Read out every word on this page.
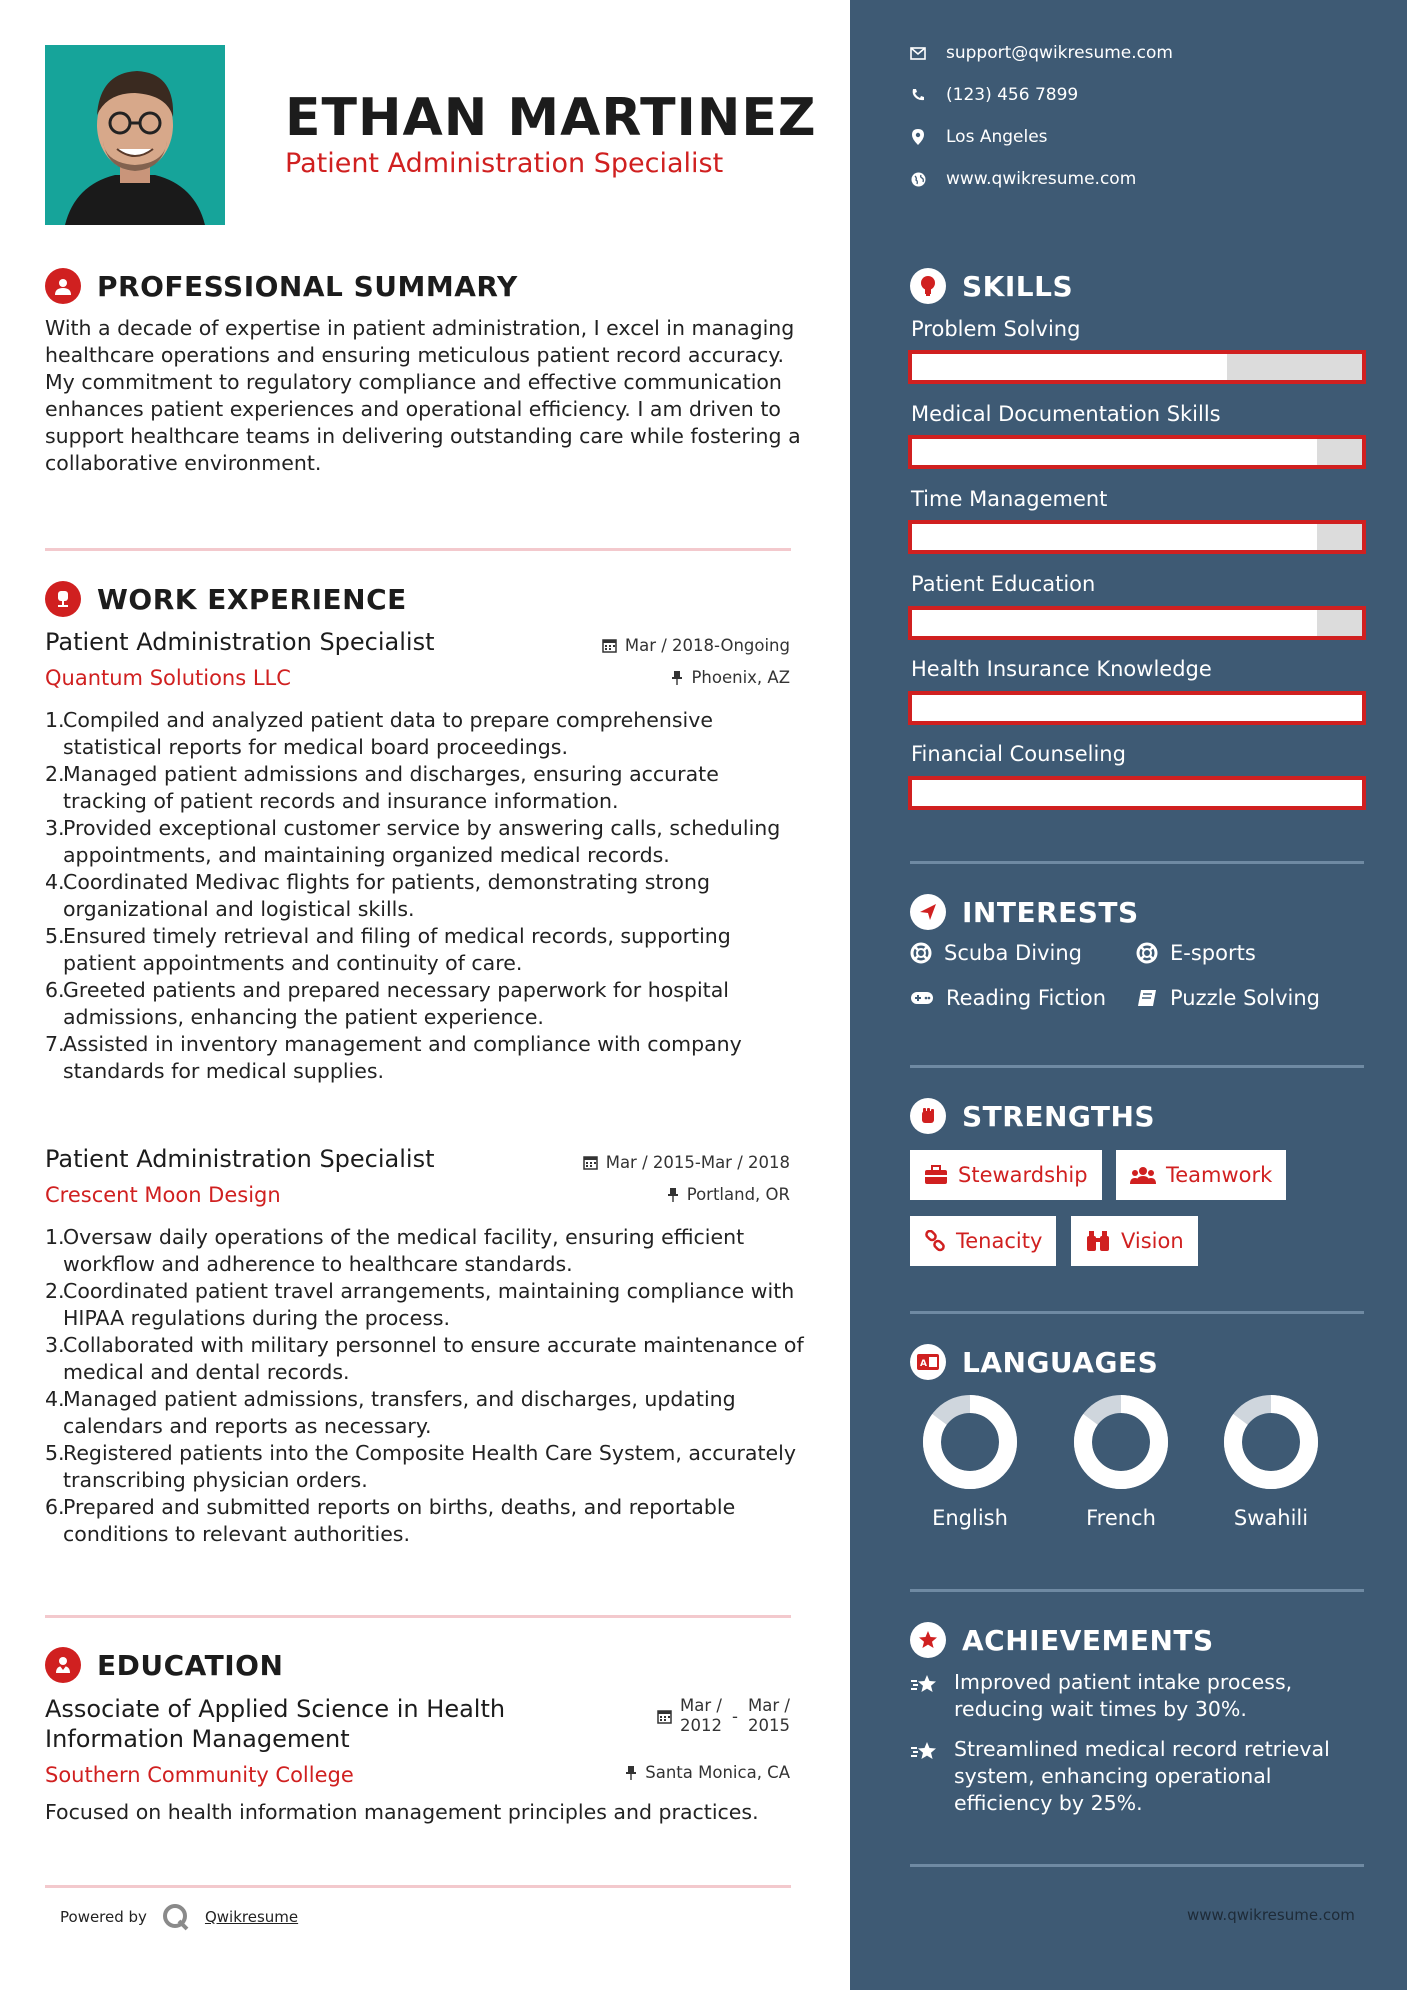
ETHAN MARTINEZ
Patient Administration Specialist
PROFESSIONAL SUMMARY
With a decade of expertise in patient administration, I excel in managing healthcare operations and ensuring meticulous patient record accuracy. My commitment to regulatory compliance and effective communication enhances patient experiences and operational efficiency. I am driven to support healthcare teams in delivering outstanding care while fostering a collaborative environment.
WORK EXPERIENCE
Patient Administration Specialist	Mar / 2018-Ongoing
Quantum Solutions LLC	Phoenix, AZ
1.
Compiled and analyzed patient data to prepare comprehensive statistical reports for medical board proceedings.
2.
Managed patient admissions and discharges, ensuring accurate tracking of patient records and insurance information.
3.
Provided exceptional customer service by answering calls, scheduling appointments, and maintaining organized medical records.
4.
Coordinated Medivac flights for patients, demonstrating strong organizational and logistical skills.
5.
Ensured timely retrieval and filing of medical records, supporting patient appointments and continuity of care.
6.
Greeted patients and prepared necessary paperwork for hospital admissions, enhancing the patient experience.
7.
Assisted in inventory management and compliance with company standards for medical supplies.
Patient Administration Specialist	Mar / 2015-Mar / 2018
Crescent Moon Design	Portland, OR
1.
Oversaw daily operations of the medical facility, ensuring efficient workflow and adherence to healthcare standards.
2.
Coordinated patient travel arrangements, maintaining compliance with HIPAA regulations during the process.
3.
Collaborated with military personnel to ensure accurate maintenance of medical and dental records.
4.
Managed patient admissions, transfers, and discharges, updating calendars and reports as necessary.
5.
Registered patients into the Composite Health Care System, accurately transcribing physician orders.
6.
Prepared and submitted reports on births, deaths, and reportable conditions to relevant authorities.
EDUCATION
Associate of Applied Science in Health
Information Management
Mar /
2012 -
Mar /
2015
Southern Community College	Santa Monica, CA
Focused on health information management principles and practices.
Powered by	Qwikresume
support@qwikresume.com
(123) 456 7899
Los Angeles
www.qwikresume.com
SKILLS
Problem Solving
Medical Documentation Skills
Time Management
Patient Education
Health Insurance Knowledge
Financial Counseling
INTERESTS
Scuba Diving	E-sports
Reading Fiction	Puzzle Solving
STRENGTHS
Stewardship	Teamwork
Tenacity	Vision
A LANGUAGES
English	French	Swahili
ACHIEVEMENTS
Improved patient intake process, reducing wait times by 30%.
Streamlined medical record retrieval system, enhancing operational efficiency by 25%.
www.qwikresume.com
